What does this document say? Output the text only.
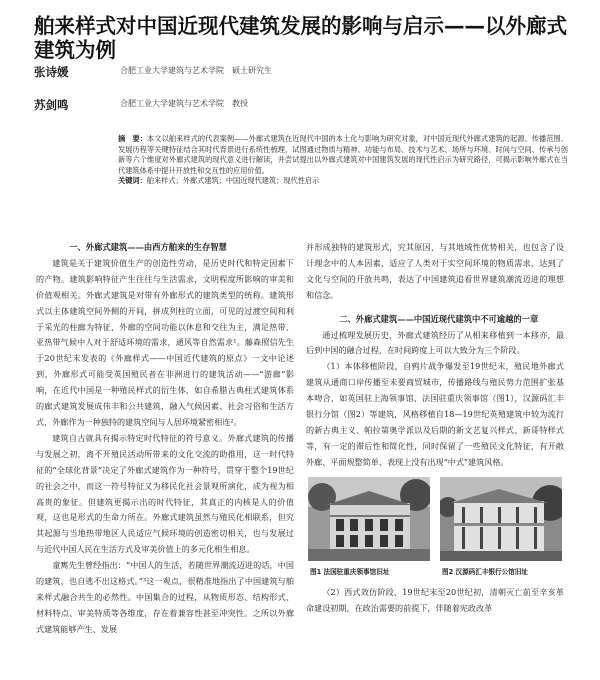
舶来样式对中国近现代建筑发展的影响与启示——以外廊式建筑为例
张诗媛	合肥工业大学建筑与艺术学院　硕士研究生
苏剑鸣	合肥工业大学建筑与艺术学院　教授
摘　要：本文以舶来样式的代表案例——外廊式建筑在近现代中国的本土化与影响为研究对象，对中国近现代外廊式建筑的起源、传播范围、发展历程等关键特征结合其时代背景进行系统性梳理，试图通过物质与精神、功能与布局、技术与艺术、场所与环境、时间与空间、传承与创新等六个维度对外廊式建筑的现代意义进行解读，并尝试提出以外廊式建筑对中国建筑发展的现代性启示为研究路径，可揭示影响外廊式在当代建筑体系中提升开放性和交互性的应用价值。
关键词：舶来样式；外廊式建筑；中国近现代建筑；现代性启示

一、外廊式建筑——由西方舶来的生存智慧

建筑是关于建筑价值生产的创造性劳动，是历史时代和特定因素下的产物。建筑影响特征产生往往与生活需求，文明程度所影响的审美和价值观相关。外廊式建筑是对带有外廊形式的建筑类型的统称。建筑形式以主体建筑空间外侧的开间，拼成列柱的立面，可见的过渡空间和利于采光的柱廊为特征，外廊的空间功能以休息和交往为主，满足热带、亚热带气候中人对于舒适环境的需求，通风等自然需求¹。藤森照信先生于20世纪末发表的《外廊样式——中国近代建筑的原点》一文中论述到，外廊形式可能受英国殖民者在非洲进行的建筑活动——“游廊”影响，在近代中国是一种殖民样式的衍生体，如自希腊古典柱式建筑体系的廊式建筑发展成伟丰和公共建筑，融入气候因素、社会习俗和生活方式，外廊作为一种独特的建筑空间与人居环境紧密相连²。

建筑自古就具有揭示特定时代特征的符号意义。外廊式建筑的传播与发展之初，离不开殖民活动所带来的文化交流的助推用，这一时代特征的“全球化背景”决定了外廊式建筑作为一种符号，贯穿于整个19世纪的社会之中，而这一符号特征又为移民化社会景观所演化，成为视为相高贵的象征。但建筑更揭示出的时代特征，其真正的内核是人的价值观，这也是形式的生命力所在。外廊式建筑虽然与殖民化相联系，但究其起源与当地热带地区人民适应气候环境的创造密切相关，也与发展过与近代中国人民在生活方式及审美价值上的多元化相生相息。

童寯先生曾经指出：“中国人的生活，若随世界潮流迈进的话，中国的建筑，也自逃不出这格式。”³这一观点，很精准地指出了中国建筑与舶来样式融合共生的必然性。中国集合的过程，从物质形态、结构形式、材料特点、审美特质等各维度，存在着兼容性甚至冲突性。之所以外廊式建筑能够产生、发展

并形成独特的建筑形式，究其原因，与其地域性优势相关，也包含了设计理念中的人本因素，适应了人类对于实空间环境的物质需求，达到了文化与空间的开放共鸣，表达了中国建筑追看世界建筑潮流迈进的理想和信念。

二、外廊式建筑——中国近现代建筑中不可逾越的一章

通过梳理发展历史，外廊式建筑经历了从相来移植到一本移亦，最后到中国的融合过程，在时间跨度上可以大致分为三个阶段。

（1）本体移植阶段，自鸦片战争爆发至19世纪末，殖民地外廊式建筑从通商口岸传播至未要商贸城市，传播路线与殖民势力范围扩张基本吻合，如英国驻上海领事馆、法国驻重庆领事馆（图1），汉源码汇丰银行分馆（图2）等建筑，风格移植自18—19世纪英殖建筑中较为流行的新古典主义、帕拉第奥学派以及后期的新文艺复兴样式、新哥特样式等，有一定的滞后性和简化性，同时保留了一些殖民文化特征，有开敞外廊、平面规整简单、表现上没有出现“中式”建筑风格。

图1 法国驻重庆领事馆旧址	图2 汉源码汇丰银行公馆旧址

（2）西式效仿阶段，19世纪末至20世纪初，清朝灭亡前至辛亥革命建设初期，在政治需要的前提下，伴随着宪政改革
